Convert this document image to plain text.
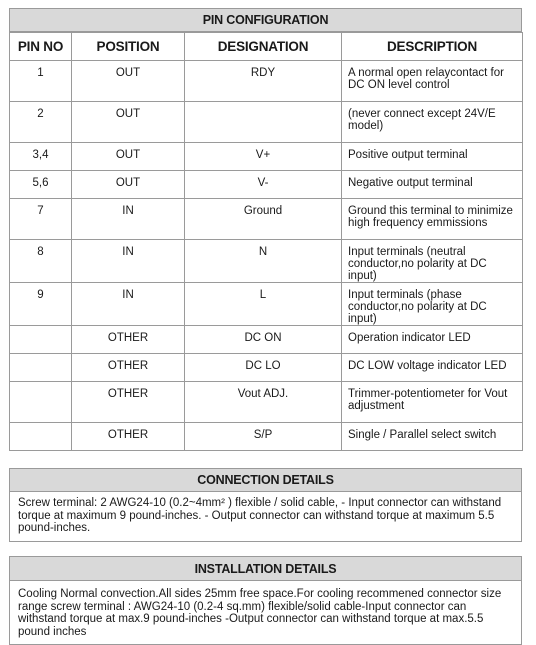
PIN CONFIGURATION
PIN NO	POSITION	DESIGNATION	DESCRIPTION

1	OUT	RDY	A normal open relaycontact for DC ON level control

2	OUT		(never connect except 24V/E model)

3,4	OUT	V+	Positive output terminal

5,6	OUT	V-	Negative output terminal

7	IN	Ground	Ground this terminal to minimize high frequency emmissions

8	IN	N	Input terminals (neutral conductor,no polarity at DC input)

9	IN	L	Input terminals (phase conductor,no polarity at DC input)

	OTHER	DC ON	Operation indicator LED

	OTHER	DC LO	DC LOW voltage indicator LED

	OTHER	Vout ADJ.	Trimmer-potentiometer for Vout adjustment

	OTHER	S/P	Single / Parallel select switch
CONNECTION DETAILS
Screw terminal: 2 AWG24-10 (0.2~4mm² ) flexible / solid cable, - Input connector can withstand torque at maximum 9 pound-inches. - Output connector can withstand torque at maximum 5.5 pound-inches.
INSTALLATION DETAILS
Cooling Normal convection.All sides 25mm free space.For cooling recommened connector size range screw terminal : AWG24-10 (0.2-4 sq.mm) flexible/solid cable-Input connector can withstand torque at max.9 pound-inches -Output connector can withstand torque at max.5.5 pound inches
